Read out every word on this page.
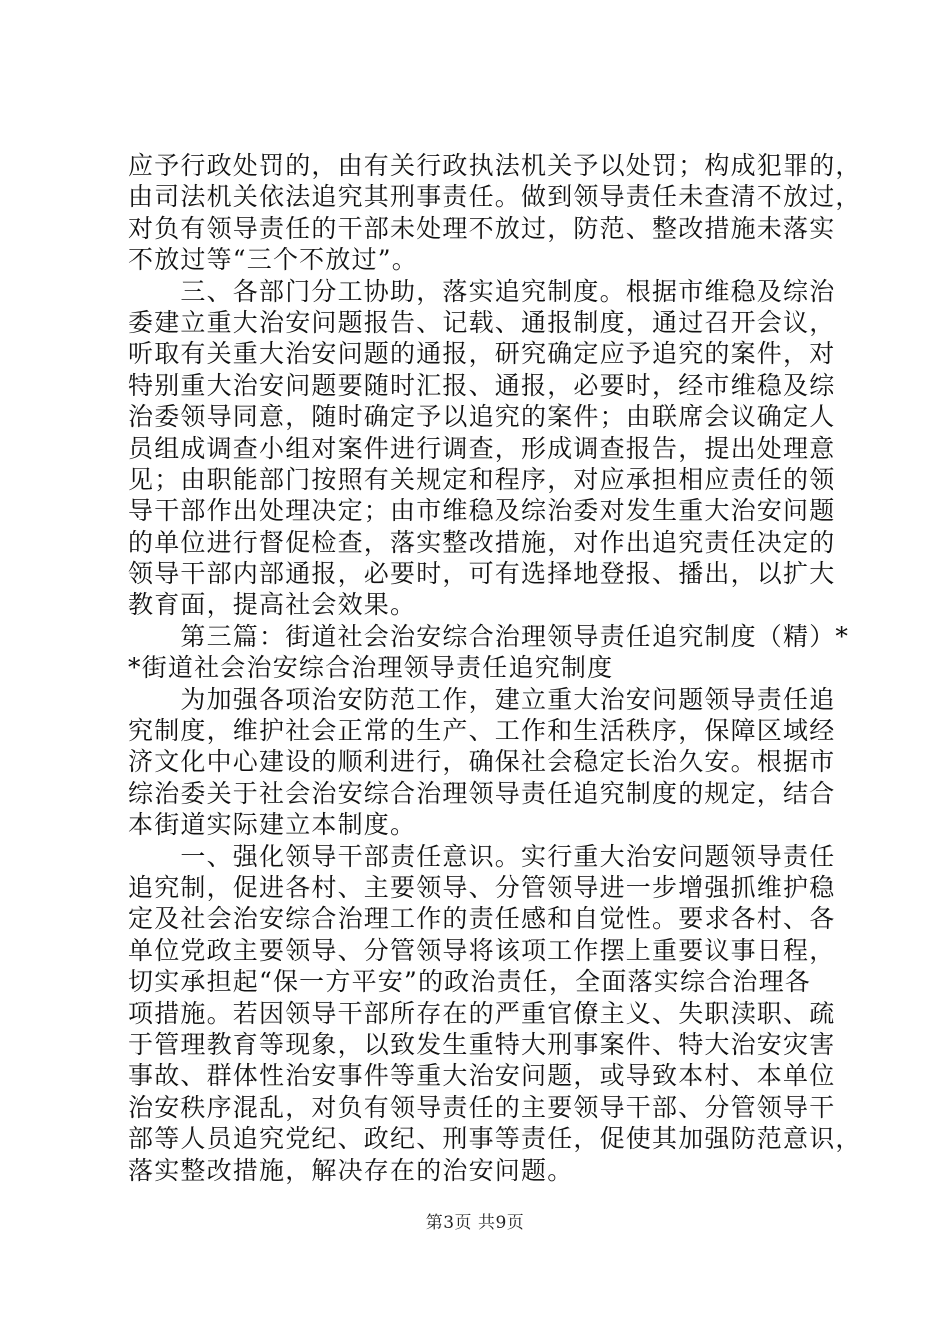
应予行政处罚的，由有关行政执法机关予以处罚；构成犯罪的，
由司法机关依法追究其刑事责任。做到领导责任未查清不放过，
对负有领导责任的干部未处理不放过，防范、整改措施未落实
不放过等“三个不放过”。
　　三、各部门分工协助，落实追究制度。根据市维稳及综治
委建立重大治安问题报告、记载、通报制度，通过召开会议，
听取有关重大治安问题的通报，研究确定应予追究的案件，对
特别重大治安问题要随时汇报、通报，必要时，经市维稳及综
治委领导同意，随时确定予以追究的案件；由联席会议确定人
员组成调查小组对案件进行调查，形成调查报告，提出处理意
见；由职能部门按照有关规定和程序，对应承担相应责任的领
导干部作出处理决定；由市维稳及综治委对发生重大治安问题
的单位进行督促检查，落实整改措施，对作出追究责任决定的
领导干部内部通报，必要时，可有选择地登报、播出，以扩大
教育面，提高社会效果。
　　第三篇：街道社会治安综合治理领导责任追究制度（精）*
*街道社会治安综合治理领导责任追究制度
　　为加强各项治安防范工作，建立重大治安问题领导责任追
究制度，维护社会正常的生产、工作和生活秩序，保障区域经
济文化中心建设的顺利进行，确保社会稳定长治久安。根据市
综治委关于社会治安综合治理领导责任追究制度的规定，结合
本街道实际建立本制度。
　　一、强化领导干部责任意识。实行重大治安问题领导责任
追究制，促进各村、主要领导、分管领导进一步增强抓维护稳
定及社会治安综合治理工作的责任感和自觉性。要求各村、各
单位党政主要领导、分管领导将该项工作摆上重要议事日程，
切实承担起“保一方平安”的政治责任，全面落实综合治理各
项措施。若因领导干部所存在的严重官僚主义、失职渎职、疏
于管理教育等现象，以致发生重特大刑事案件、特大治安灾害
事故、群体性治安事件等重大治安问题，或导致本村、本单位
治安秩序混乱，对负有领导责任的主要领导干部、分管领导干
部等人员追究党纪、政纪、刑事等责任，促使其加强防范意识，
落实整改措施，解决存在的治安问题。
第3页 共9页
